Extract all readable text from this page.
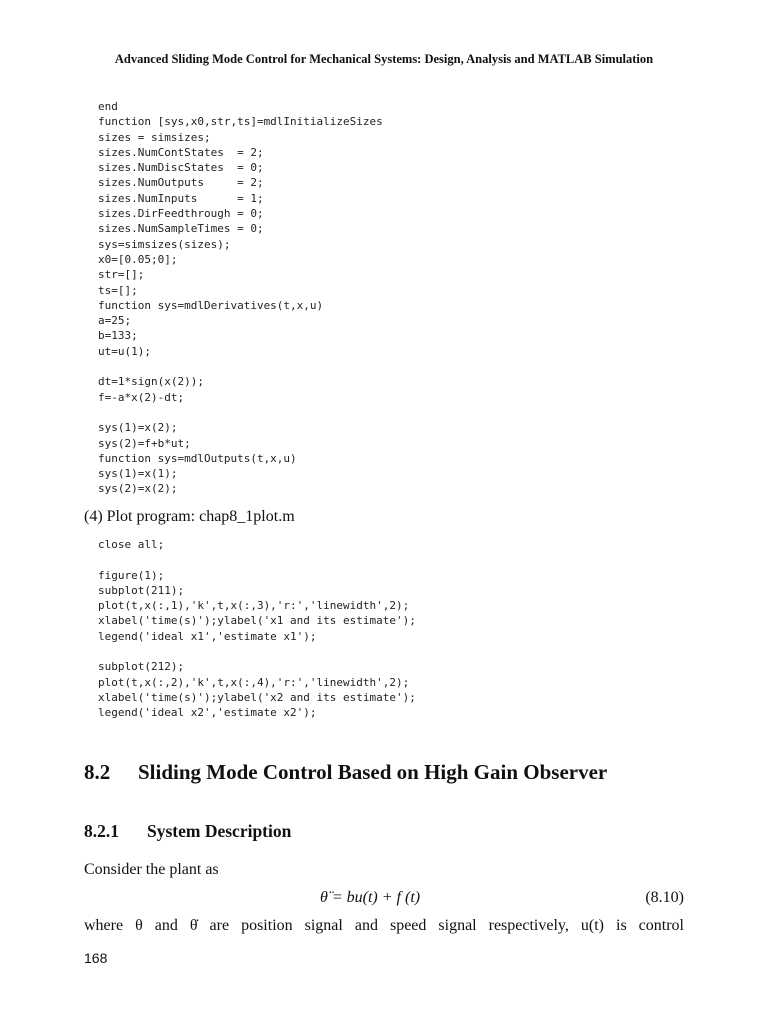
Advanced Sliding Mode Control for Mechanical Systems: Design, Analysis and MATLAB Simulation
end
function [sys,x0,str,ts]=mdlInitializeSizes
sizes = simsizes;
sizes.NumContStates  = 2;
sizes.NumDiscStates  = 0;
sizes.NumOutputs     = 2;
sizes.NumInputs      = 1;
sizes.DirFeedthrough = 0;
sizes.NumSampleTimes = 0;
sys=simsizes(sizes);
x0=[0.05;0];
str=[];
ts=[];
function sys=mdlDerivatives(t,x,u)
a=25;
b=133;
ut=u(1);
dt=1*sign(x(2));
f=-a*x(2)-dt;
sys(1)=x(2);
sys(2)=f+b*ut;
function sys=mdlOutputs(t,x,u)
sys(1)=x(1);
sys(2)=x(2);
(4) Plot program: chap8_1plot.m
close all;
figure(1);
subplot(211);
plot(t,x(:,1),'k',t,x(:,3),'r:','linewidth',2);
xlabel('time(s)');ylabel('x1 and its estimate');
legend('ideal x1','estimate x1');
subplot(212);
plot(t,x(:,2),'k',t,x(:,4),'r:','linewidth',2);
xlabel('time(s)');ylabel('x2 and its estimate');
legend('ideal x2','estimate x2');
8.2 Sliding Mode Control Based on High Gain Observer
8.2.1 System Description
Consider the plant as
θ̈ = bu(t) + f (t)	(8.10)
where θ and θ̇ are position signal and speed signal respectively, u(t) is control
168
